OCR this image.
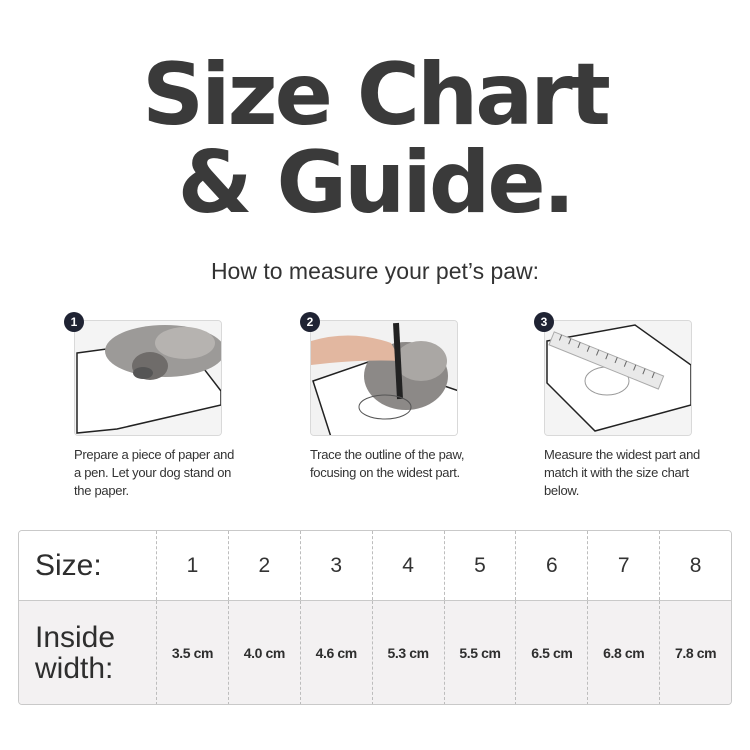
Size Chart
& Guide.
How to measure your pet’s paw:
1
Prepare a piece of paper and a pen. Let your dog stand on the paper.
2
Trace the outline of the paw, focusing on the widest part.
3
Measure the widest part and match it with the size chart below.
Size:	1	2	3	4	5	6	7	8
Inside width:	3.5 cm	4.0 cm	4.6 cm	5.3 cm	5.5 cm	6.5 cm	6.8 cm	7.8 cm
